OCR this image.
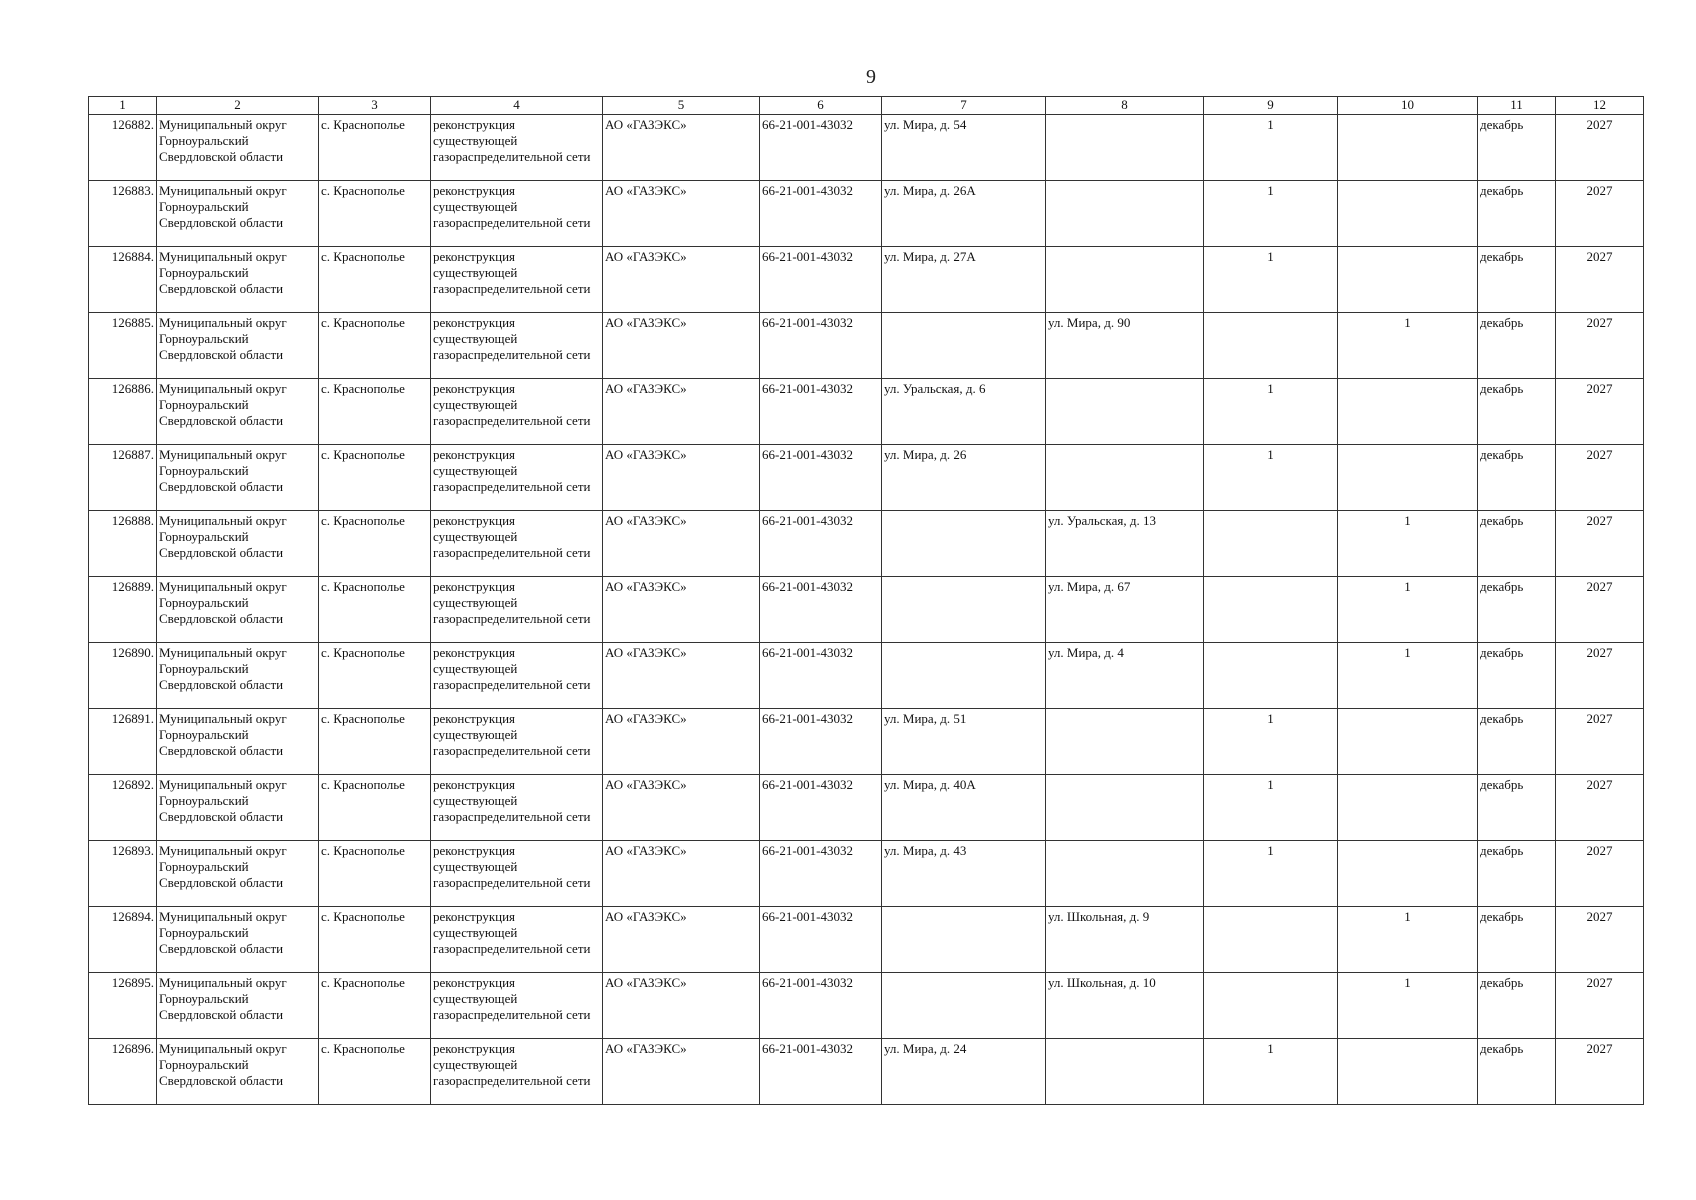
9
1	2	3	4	5	6	7	8	9	10	11	12
126882.	Муниципальный округ Горноуральский Свердловской области	с. Краснополье	реконструкция существующей газораспределительной сети	АО «ГАЗЭКС»	66-21-001-43032	ул. Мира, д. 54		1		декабрь	2027
126883.	Муниципальный округ Горноуральский Свердловской области	с. Краснополье	реконструкция существующей газораспределительной сети	АО «ГАЗЭКС»	66-21-001-43032	ул. Мира, д. 26А		1		декабрь	2027
126884.	Муниципальный округ Горноуральский Свердловской области	с. Краснополье	реконструкция существующей газораспределительной сети	АО «ГАЗЭКС»	66-21-001-43032	ул. Мира, д. 27А		1		декабрь	2027
126885.	Муниципальный округ Горноуральский Свердловской области	с. Краснополье	реконструкция существующей газораспределительной сети	АО «ГАЗЭКС»	66-21-001-43032		ул. Мира, д. 90		1	декабрь	2027
126886.	Муниципальный округ Горноуральский Свердловской области	с. Краснополье	реконструкция существующей газораспределительной сети	АО «ГАЗЭКС»	66-21-001-43032	ул. Уральская, д. 6		1		декабрь	2027
126887.	Муниципальный округ Горноуральский Свердловской области	с. Краснополье	реконструкция существующей газораспределительной сети	АО «ГАЗЭКС»	66-21-001-43032	ул. Мира, д. 26		1		декабрь	2027
126888.	Муниципальный округ Горноуральский Свердловской области	с. Краснополье	реконструкция существующей газораспределительной сети	АО «ГАЗЭКС»	66-21-001-43032		ул. Уральская, д. 13		1	декабрь	2027
126889.	Муниципальный округ Горноуральский Свердловской области	с. Краснополье	реконструкция существующей газораспределительной сети	АО «ГАЗЭКС»	66-21-001-43032		ул. Мира, д. 67		1	декабрь	2027
126890.	Муниципальный округ Горноуральский Свердловской области	с. Краснополье	реконструкция существующей газораспределительной сети	АО «ГАЗЭКС»	66-21-001-43032		ул. Мира, д. 4		1	декабрь	2027
126891.	Муниципальный округ Горноуральский Свердловской области	с. Краснополье	реконструкция существующей газораспределительной сети	АО «ГАЗЭКС»	66-21-001-43032	ул. Мира, д. 51		1		декабрь	2027
126892.	Муниципальный округ Горноуральский Свердловской области	с. Краснополье	реконструкция существующей газораспределительной сети	АО «ГАЗЭКС»	66-21-001-43032	ул. Мира, д. 40А		1		декабрь	2027
126893.	Муниципальный округ Горноуральский Свердловской области	с. Краснополье	реконструкция существующей газораспределительной сети	АО «ГАЗЭКС»	66-21-001-43032	ул. Мира, д. 43		1		декабрь	2027
126894.	Муниципальный округ Горноуральский Свердловской области	с. Краснополье	реконструкция существующей газораспределительной сети	АО «ГАЗЭКС»	66-21-001-43032		ул. Школьная, д. 9		1	декабрь	2027
126895.	Муниципальный округ Горноуральский Свердловской области	с. Краснополье	реконструкция существующей газораспределительной сети	АО «ГАЗЭКС»	66-21-001-43032		ул. Школьная, д. 10		1	декабрь	2027
126896.	Муниципальный округ Горноуральский Свердловской области	с. Краснополье	реконструкция существующей газораспределительной сети	АО «ГАЗЭКС»	66-21-001-43032	ул. Мира, д. 24		1		декабрь	2027
